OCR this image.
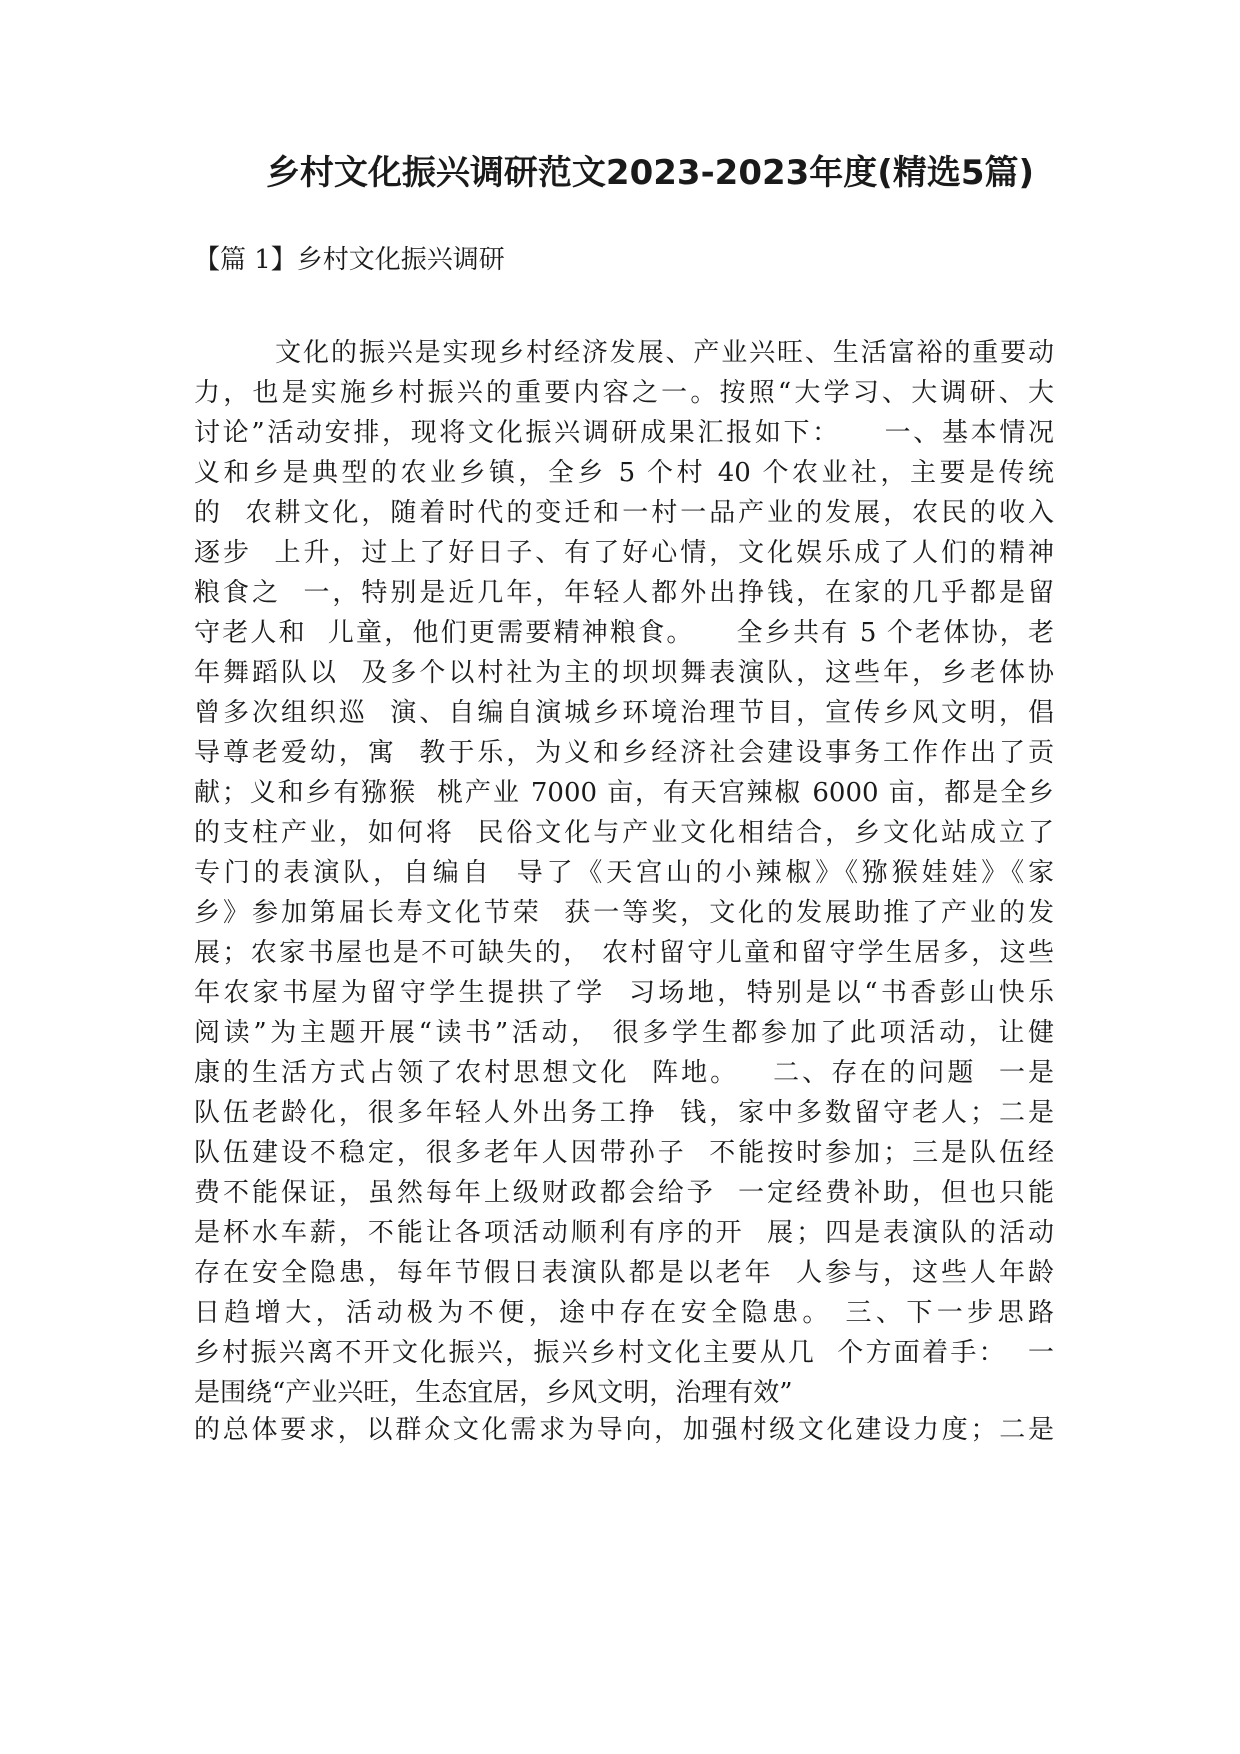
乡村文化振兴调研范文2023-2023年度(精选5篇)
【篇 1】乡村文化振兴调研
文化的振兴是实现乡村经济发展、产业兴旺、生活富裕的重要动
力，也是实施乡村振兴的重要内容之一。按照“大学习、大调研、大
讨论”活动安排，现将文化振兴调研成果汇报如下：    一、基本情况
义和乡是典型的农业乡镇，全乡 5 个村 40 个农业社，主要是传统
的  农耕文化，随着时代的变迁和一村一品产业的发展，农民的收入
逐步  上升，过上了好日子、有了好心情，文化娱乐成了人们的精神
粮食之  一，特别是近几年，年轻人都外出挣钱，在家的几乎都是留
守老人和  儿童，他们更需要精神粮食。    全乡共有 5 个老体协，老
年舞蹈队以  及多个以村社为主的坝坝舞表演队，这些年，乡老体协
曾多次组织巡  演、自编自演城乡环境治理节目，宣传乡风文明，倡
导尊老爱幼，寓  教于乐，为义和乡经济社会建设事务工作作出了贡
献；义和乡有猕猴  桃产业 7000 亩，有天宫辣椒 6000 亩，都是全乡
的支柱产业，如何将  民俗文化与产业文化相结合，乡文化站成立了
专门的表演队，自编自  导了《天宫山的小辣椒》《猕猴娃娃》《家
乡》参加第届长寿文化节荣  获一等奖，文化的发展助推了产业的发
展；农家书屋也是不可缺失的， 农村留守儿童和留守学生居多，这些
年农家书屋为留守学生提拱了学  习场地，特别是以“书香彭山快乐
阅读”为主题开展“读书”活动， 很多学生都参加了此项活动，让健
康的生活方式占领了农村思想文化  阵地。   二、存在的问题  一是
队伍老龄化，很多年轻人外出务工挣  钱，家中多数留守老人；二是
队伍建设不稳定，很多老年人因带孙子  不能按时参加；三是队伍经
费不能保证，虽然每年上级财政都会给予  一定经费补助，但也只能
是杯水车薪，不能让各项活动顺利有序的开  展；四是表演队的活动
存在安全隐患，每年节假日表演队都是以老年  人参与，这些人年龄
日趋增大，活动极为不便，途中存在安全隐患。 三、下一步思路
乡村振兴离不开文化振兴，振兴乡村文化主要从几  个方面着手：  一
是围绕“产业兴旺，生态宜居，乡风文明，治理有效”
的总体要求，以群众文化需求为导向，加强村级文化建设力度；二是
